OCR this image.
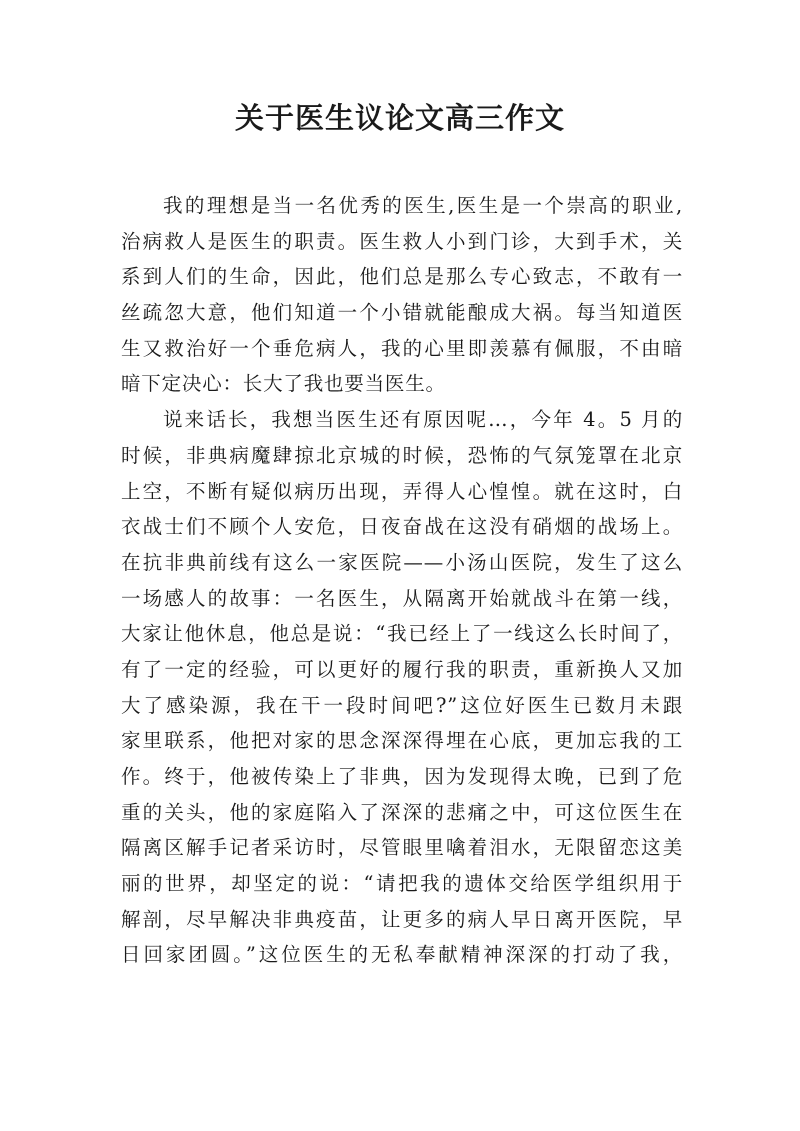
关于医生议论文高三作文
我的理想是当一名优秀的医生,医生是一个崇高的职业,
治病救人是医生的职责。医生救人小到门诊，大到手术，关
系到人们的生命，因此，他们总是那么专心致志，不敢有一
丝疏忽大意，他们知道一个小错就能酿成大祸。每当知道医
生又救治好一个垂危病人，我的心里即羡慕有佩服，不由暗
暗下定决心：长大了我也要当医生。
说来话长，我想当医生还有原因呢…，今年 4。5 月的
时候，非典病魔肆掠北京城的时候，恐怖的气氛笼罩在北京
上空，不断有疑似病历出现，弄得人心惶惶。就在这时，白
衣战士们不顾个人安危，日夜奋战在这没有硝烟的战场上。
在抗非典前线有这么一家医院——小汤山医院，发生了这么
一场感人的故事：一名医生，从隔离开始就战斗在第一线，
大家让他休息，他总是说：“我已经上了一线这么长时间了，
有了一定的经验，可以更好的履行我的职责，重新换人又加
大了感染源，我在干一段时间吧?”这位好医生已数月未跟
家里联系，他把对家的思念深深得埋在心底，更加忘我的工
作。终于，他被传染上了非典，因为发现得太晚，已到了危
重的关头，他的家庭陷入了深深的悲痛之中，可这位医生在
隔离区解手记者采访时，尽管眼里噙着泪水，无限留恋这美
丽的世界，却坚定的说：“请把我的遗体交给医学组织用于
解剖，尽早解决非典疫苗，让更多的病人早日离开医院，早
日回家团圆。”这位医生的无私奉献精神深深的打动了我，
